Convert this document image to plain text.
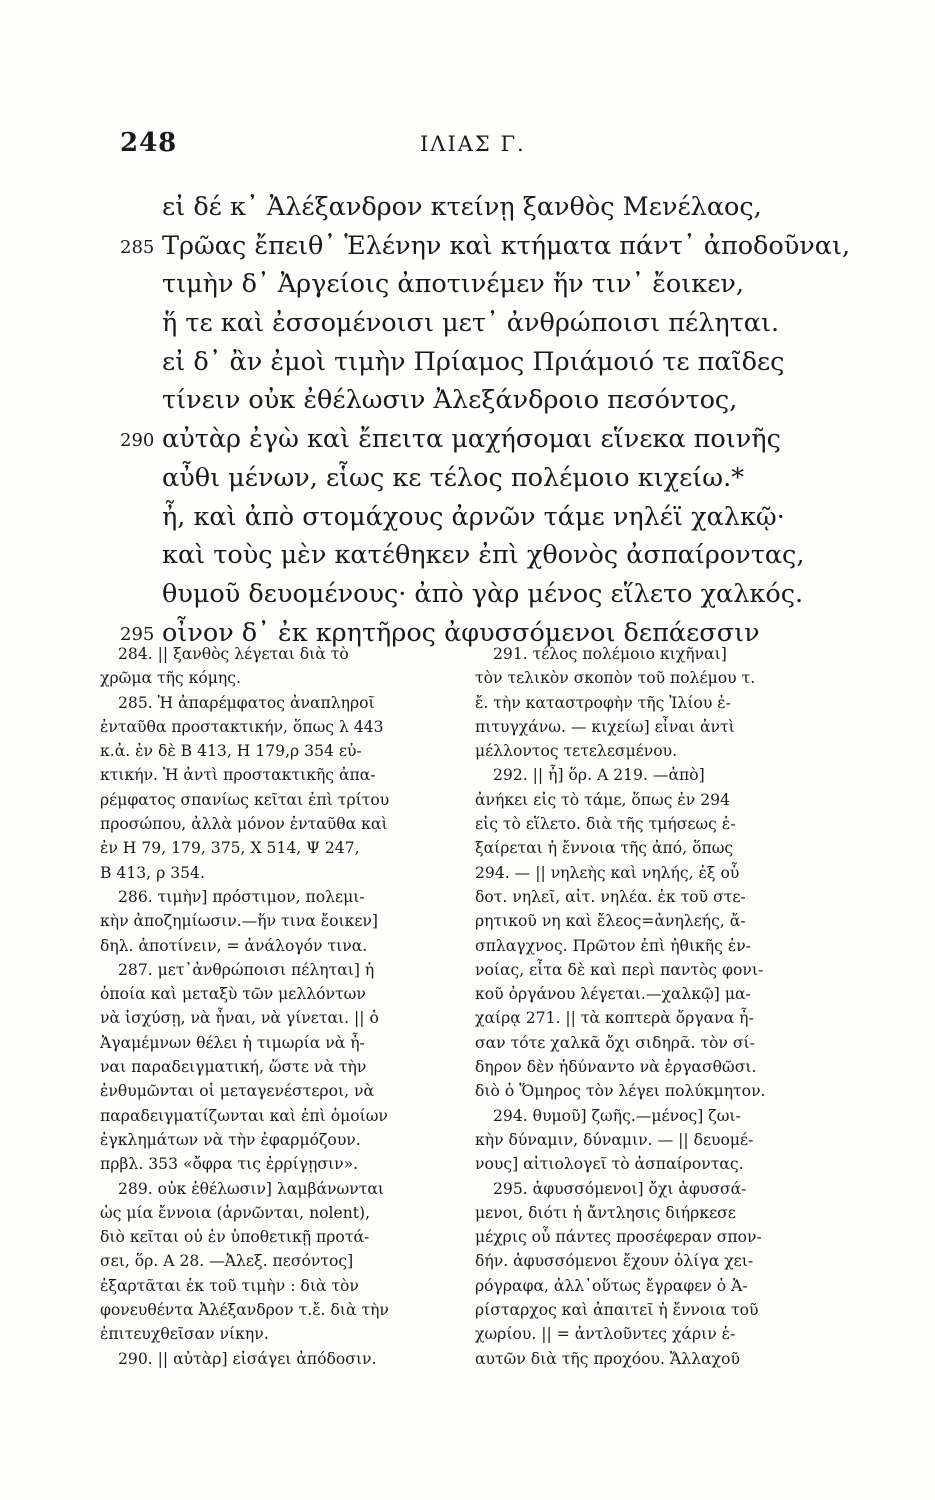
248	ΙΛΙΑΣ Γ.
εἰ δέ κ᾿ Ἀλέξανδρον κτείνῃ ξανθὸς Μενέλαος,
285 Τρῶας ἔπειθ᾿ Ἑλένην καὶ κτήματα πάντ᾿ ἀποδοῦναι,
τιμὴν δ᾿ Ἀργείοις ἀποτινέμεν ἥν τιν᾿ ἔοικεν,
ἥ τε καὶ ἐσσομένοισι μετ᾿ ἀνθρώποισι πέληται.
εἰ δ᾿ ἂν ἐμοὶ τιμὴν Πρίαμος Πριάμοιό τε παῖδες
τίνειν οὐκ ἐθέλωσιν Ἀλεξάνδροιο πεσόντος,
290 αὐτὰρ ἐγὼ καὶ ἔπειτα μαχήσομαι εἵνεκα ποινῆς
αὖθι μένων, εἷως κε τέλος πολέμοιο κιχείω.*
ἦ, καὶ ἀπὸ στομάχους ἀρνῶν τάμε νηλέϊ χαλκῷ·
καὶ τοὺς μὲν κατέθηκεν ἐπὶ χθονὸς ἀσπαίροντας,
θυμοῦ δευομένους· ἀπὸ γὰρ μένος εἵλετο χαλκός.
295 οἶνον δ᾿ ἐκ κρητῆρος ἀφυσσόμενοι δεπάεσσιν
284. || ξανθὸς λέγεται διὰ τὸ
χρῶμα τῆς κόμης.
285. Ἡ ἀπαρέμφατος ἀναπληροῖ
ἐνταῦθα προστακτικήν, ὅπως λ 443
κ.ἀ. ἐν δὲ Β 413, Η 179,ρ 354 εὐ-
κτικήν. Ἡ ἀντὶ προστακτικῆς ἀπα-
ρέμφατος σπανίως κεῖται ἐπὶ τρίτου
προσώπου, ἀλλὰ μόνον ἐνταῦθα καὶ
ἐν Η 79, 179, 375, Χ 514, Ψ 247,
Β 413, ρ 354.
286. τιμὴν] πρόστιμον, πολεμι-
κὴν ἀποζημίωσιν.—ἥν τινα ἔοικεν]
δηλ. ἀποτίνειν, = ἀνάλογόν τινα.
287. μετ᾿ἀνθρώποισι πέληται] ἡ
ὁποία καὶ μεταξὺ τῶν μελλόντων
νὰ ἰσχύσῃ, νὰ ἦναι, νὰ γίνεται. || ὁ
Ἀγαμέμνων θέλει ἡ τιμωρία νὰ ἦ-
ναι παραδειγματική, ὥστε νὰ τὴν
ἐνθυμῶνται οἱ μεταγενέστεροι, νὰ
παραδειγματίζωνται καὶ ἐπὶ ὁμοίων
ἐγκλημάτων νὰ τὴν ἐφαρμόζουν.
πρβλ. 353 «ὄφρα τις ἐρρίγῃσιν».
289. οὐκ ἐθέλωσιν] λαμβάνωνται
ὡς μία ἔννοια (ἀρνῶνται, nolent),
διὸ κεῖται οὐ ἐν ὑποθετικῇ προτά-
σει, ὅρ. Α 28. —Ἀλεξ. πεσόντος]
ἐξαρτᾶται ἐκ τοῦ τιμὴν : διὰ τὸν
φονευθέντα Ἀλέξανδρον τ.ἔ. διὰ τὴν
ἐπιτευχθεῖσαν νίκην.
290. || αὐτὰρ] εἰσάγει ἀπόδοσιν.
291. τέλος πολέμοιο κιχῆναι]
τὸν τελικὸν σκοπὸν τοῦ πολέμου τ.
ἔ. τὴν καταστροφὴν τῆς Ἰλίου ἐ-
πιτυγχάνω. — κιχείω] εἶναι ἀντὶ
μέλλοντος τετελεσμένου.
292. || ἦ] ὅρ. Α 219. —ἀπὸ]
ἀνήκει εἰς τὸ τάμε, ὅπως ἐν 294
εἰς τὸ εἵλετο. διὰ τῆς τμήσεως ἐ-
ξαίρεται ἡ ἔννοια τῆς ἀπό, ὅπως
294. — || νηλεὴς καὶ νηλής, ἐξ οὗ
δοτ. νηλεῖ, αἰτ. νηλέα. ἐκ τοῦ στε-
ρητικοῦ νη καὶ ἔλεος=ἀνηλεής, ἄ-
σπλαγχνος. Πρῶτον ἐπὶ ἠθικῆς ἐν-
νοίας, εἶτα δὲ καὶ περὶ παντὸς φονι-
κοῦ ὀργάνου λέγεται.—χαλκῷ] μα-
χαίρᾳ 271. || τὰ κοπτερὰ ὄργανα ἦ-
σαν τότε χαλκᾶ ὄχι σιδηρᾶ. τὸν σί-
δηρον δὲν ἠδύναντο νὰ ἐργασθῶσι.
διὸ ὁ Ὅμηρος τὸν λέγει πολύκμητον.
294. θυμοῦ] ζωῆς.—μένος] ζωι-
κὴν δύναμιν, δύναμιν. — || δευομέ-
νους] αἰτιολογεῖ τὸ ἀσπαίροντας.
295. ἀφυσσόμενοι] ὄχι ἀφυσσά-
μενοι, διότι ἡ ἄντλησις διήρκεσε
μέχρις οὗ πάντες προσέφεραν σπον-
δήν. ἀφυσσόμενοι ἔχουν ὀλίγα χει-
ρόγραφα, ἀλλ᾿οὕτως ἔγραφεν ὁ Ἀ-
ρίσταρχος καὶ ἀπαιτεῖ ἡ ἔννοια τοῦ
χωρίου. || = ἀντλοῦντες χάριν ἑ-
αυτῶν διὰ τῆς προχόου. Ἄλλαχοῦ
